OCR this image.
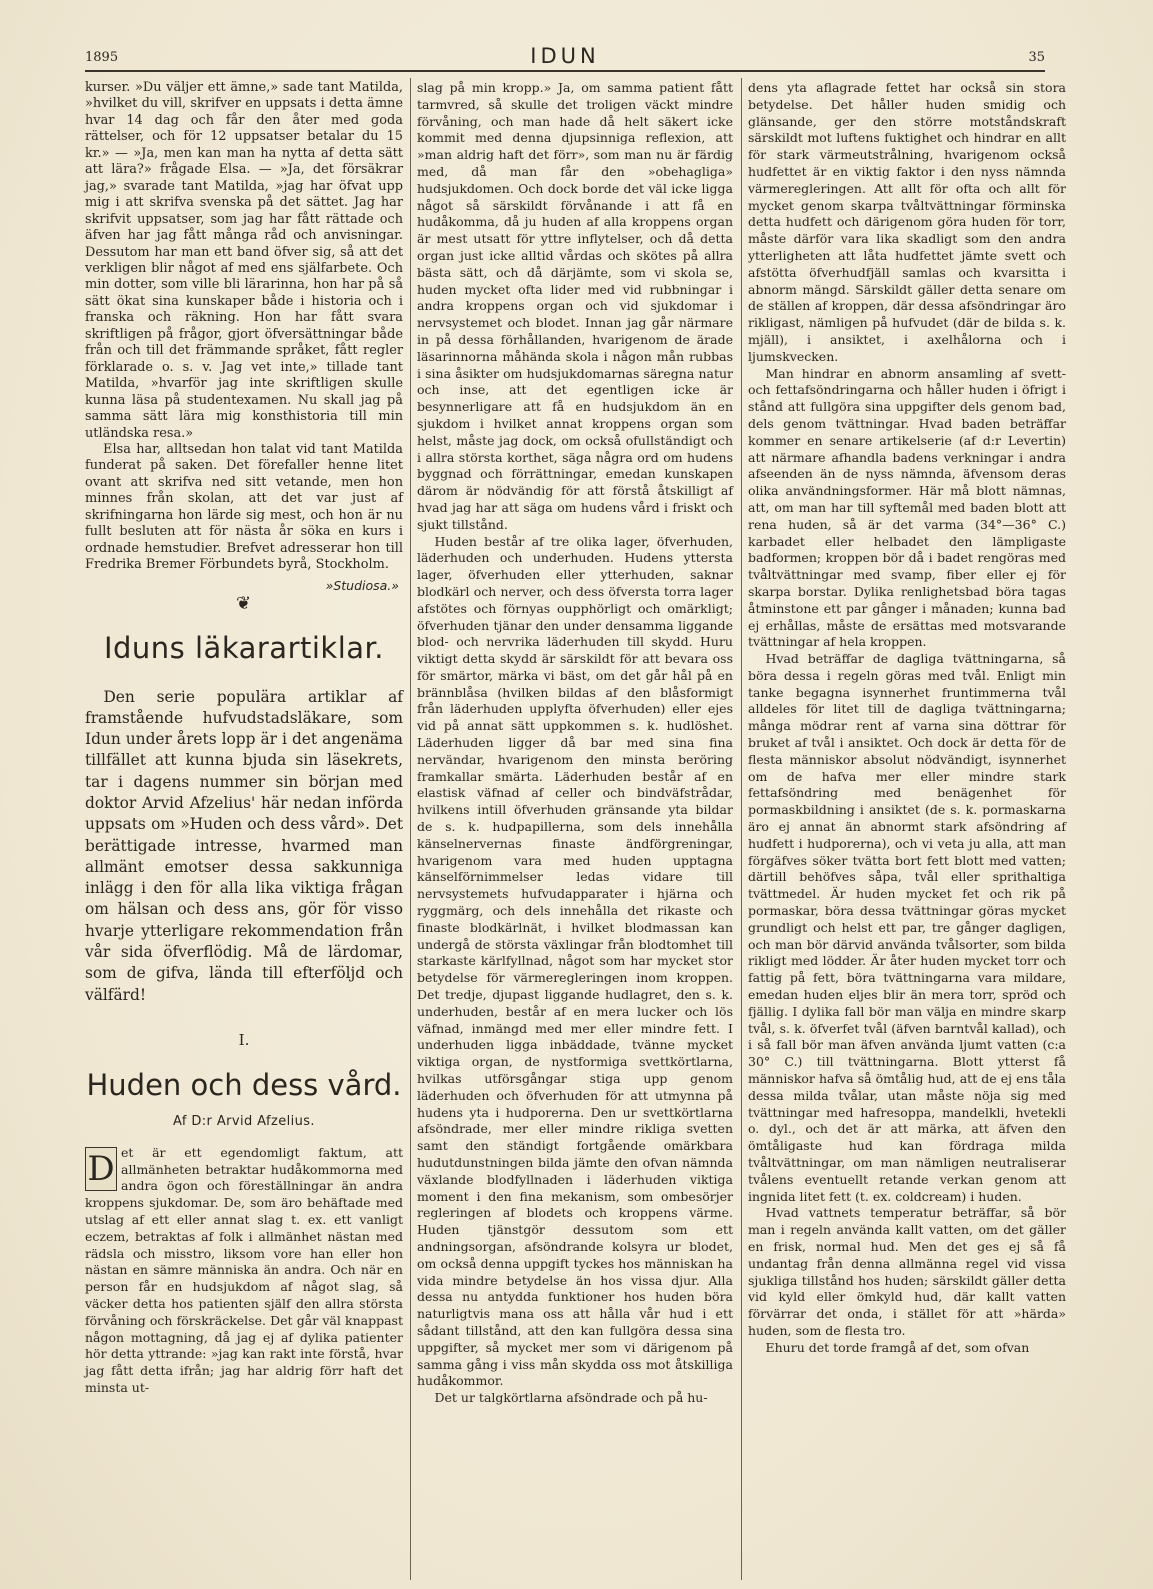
1895	IDUN	35

kurser. »Du väljer ett ämne,» sade tant Matilda, »hvilket du vill, skrifver en uppsats i detta ämne hvar 14 dag och får den åter med goda rättelser, och för 12 uppsatser betalar du 15 kr.» — »Ja, men kan man ha nytta af detta sätt att lära?» frågade Elsa. — »Ja, det försäkrar jag,» svarade tant Matilda, »jag har öfvat upp mig i att skrifva svenska på det sättet. Jag har skrifvit uppsatser, som jag har fått rättade och äfven har jag fått många råd och anvisningar. Dessutom har man ett band öfver sig, så att det verkligen blir något af med ens själfarbete. Och min dotter, som ville bli lärarinna, hon har på så sätt ökat sina kunskaper både i historia och i franska och räkning. Hon har fått svara skriftligen på frågor, gjort öfversättningar både från och till det främmande språket, fått regler förklarade o. s. v. Jag vet inte,» tillade tant Matilda, »hvarför jag inte skriftligen skulle kunna läsa på studentexamen. Nu skall jag på samma sätt lära mig konsthistoria till min utländska resa.»

Elsa har, alltsedan hon talat vid tant Matilda funderat på saken. Det förefaller henne litet ovant att skrifva ned sitt vetande, men hon minnes från skolan, att det var just af skrifningarna hon lärde sig mest, och hon är nu fullt besluten att för nästa år söka en kurs i ordnade hemstudier. Brefvet adresserar hon till Fredrika Bremer Förbundets byrå, Stockholm.

»Studiosa.»
❦
Iduns läkarartiklar.

Den serie populära artiklar af framstående hufvudstadsläkare, som Idun under årets lopp är i det angenäma tillfället att kunna bjuda sin läsekrets, tar i dagens nummer sin början med doktor Arvid Afzelius' här nedan införda uppsats om »Huden och dess vård». Det berättigade intresse, hvarmed man allmänt emotser dessa sakkunniga inlägg i den för alla lika viktiga frågan om hälsan och dess ans, gör för visso hvarje ytterligare rekommendation från vår sida öfverflödig. Må de lärdomar, som de gifva, lända till efterföljd och välfärd!

I.
Huden och dess vård.
Af D:r Arvid Afzelius.
D et är ett egendomligt faktum, att allmänheten betraktar hudåkommorna med andra ögon och föreställningar än andra kroppens sjukdomar. De, som äro behäftade med utslag af ett eller annat slag t. ex. ett vanligt eczem, betraktas af folk i allmänhet nästan med rädsla och misstro, liksom vore han eller hon nästan en sämre människa än andra. Och när en person får en hudsjukdom af något slag, så väcker detta hos patienten själf den allra största förvåning och förskräckelse. Det går väl knappast någon mottagning, då jag ej af dylika patienter hör detta yttrande: »jag kan rakt inte förstå, hvar jag fått detta ifrån; jag har aldrig förr haft det minsta ut-

slag på min kropp.» Ja, om samma patient fått tarmvred, så skulle det troligen väckt mindre förvåning, och man hade då helt säkert icke kommit med denna djupsinniga reflexion, att »man aldrig haft det förr», som man nu är färdig med, då man får den »obehagliga» hudsjukdomen. Och dock borde det väl icke ligga något så särskildt förvånande i att få en hudåkomma, då ju huden af alla kroppens organ är mest utsatt för yttre inflytelser, och då detta organ just icke alltid vårdas och skötes på allra bästa sätt, och då därjämte, som vi skola se, huden mycket ofta lider med vid rubbningar i andra kroppens organ och vid sjukdomar i nervsystemet och blodet. Innan jag går närmare in på dessa förhållanden, hvarigenom de ärade läsarinnorna måhända skola i någon mån rubbas i sina åsikter om hudsjukdomarnas säregna natur och inse, att det egentligen icke är besynnerligare att få en hudsjukdom än en sjukdom i hvilket annat kroppens organ som helst, måste jag dock, om också ofullständigt och i allra största korthet, säga några ord om hudens byggnad och förrättningar, emedan kunskapen därom är nödvändig för att förstå åtskilligt af hvad jag har att säga om hudens vård i friskt och sjukt tillstånd.

Huden består af tre olika lager, öfverhuden, läderhuden och underhuden. Hudens yttersta lager, öfverhuden eller ytterhuden, saknar blodkärl och nerver, och dess öfversta torra lager afstötes och förnyas oupphörligt och omärkligt; öfverhuden tjänar den under densamma liggande blod- och nervrika läderhuden till skydd. Huru viktigt detta skydd är särskildt för att bevara oss för smärtor, märka vi bäst, om det går hål på en brännblåsa (hvilken bildas af den blåsformigt från läderhuden upplyfta öfverhuden) eller ejes vid på annat sätt uppkommen s. k. hudlöshet. Läderhuden ligger då bar med sina fina nervändar, hvarigenom den minsta beröring framkallar smärta. Läderhuden består af en elastisk väfnad af celler och bindväfstrådar, hvilkens intill öfverhuden gränsande yta bildar de s. k. hudpapillerna, som dels innehålla känselnervernas finaste ändförgreningar, hvarigenom vara med huden upptagna känselförnimmelser ledas vidare till nervsystemets hufvudapparater i hjärna och ryggmärg, och dels innehålla det rikaste och finaste blodkärlnät, i hvilket blodmassan kan undergå de största växlingar från blodtomhet till starkaste kärlfyllnad, något som har mycket stor betydelse för värmeregleringen inom kroppen. Det tredje, djupast liggande hudlagret, den s. k. underhuden, består af en mera lucker och lös väfnad, inmängd med mer eller mindre fett. I underhuden ligga inbäddade, tvänne mycket viktiga organ, de nystformiga svettkörtlarna, hvilkas utförsgångar stiga upp genom läderhuden och öfverhuden för att utmynna på hudens yta i hudporerna. Den ur svettkörtlarna afsöndrade, mer eller mindre rikliga svetten samt den ständigt fortgående omärkbara hudutdunstningen bilda jämte den ofvan nämnda växlande blodfyllnaden i läderhuden viktiga moment i den fina mekanism, som ombesörjer regleringen af blodets och kroppens värme. Huden tjänstgör dessutom som ett andningsorgan, afsöndrande kolsyra ur blodet, om också denna uppgift tyckes hos människan ha vida mindre betydelse än hos vissa djur. Alla dessa nu antydda funktioner hos huden böra naturligtvis mana oss att hålla vår hud i ett sådant tillstånd, att den kan fullgöra dessa sina uppgifter, så mycket mer som vi därigenom på samma gång i viss mån skydda oss mot åtskilliga hudåkommor.

Det ur talgkörtlarna afsöndrade och på hu-

dens yta aflagrade fettet har också sin stora betydelse. Det håller huden smidig och glänsande, ger den större motståndskraft särskildt mot luftens fuktighet och hindrar en allt för stark värmeutstrålning, hvarigenom också hudfettet är en viktig faktor i den nyss nämnda värmeregleringen. Att allt för ofta och allt för mycket genom skarpa tvåltvättningar förminska detta hudfett och därigenom göra huden för torr, måste därför vara lika skadligt som den andra ytterligheten att låta hudfettet jämte svett och afstötta öfverhudfjäll samlas och kvarsitta i abnorm mängd. Särskildt gäller detta senare om de ställen af kroppen, där dessa afsöndringar äro rikligast, nämligen på hufvudet (där de bilda s. k. mjäll), i ansiktet, i axelhålorna och i ljumskvecken.

Man hindrar en abnorm ansamling af svett- och fettafsöndringarna och håller huden i öfrigt i stånd att fullgöra sina uppgifter dels genom bad, dels genom tvättningar. Hvad baden beträffar kommer en senare artikelserie (af d:r Levertin) att närmare afhandla badens verkningar i andra afseenden än de nyss nämnda, äfvensom deras olika användningsformer. Här må blott nämnas, att, om man har till syftemål med baden blott att rena huden, så är det varma (34°—36° C.) karbadet eller helbadet den lämpligaste badformen; kroppen bör då i badet rengöras med tvåltvättningar med svamp, fiber eller ej för skarpa borstar. Dylika renlighetsbad böra tagas åtminstone ett par gånger i månaden; kunna bad ej erhållas, måste de ersättas med motsvarande tvättningar af hela kroppen.

Hvad beträffar de dagliga tvättningarna, så böra dessa i regeln göras med tvål. Enligt min tanke begagna isynnerhet fruntimmerna tvål alldeles för litet till de dagliga tvättningarna; många mödrar rent af varna sina döttrar för bruket af tvål i ansiktet. Och dock är detta för de flesta människor absolut nödvändigt, isynnerhet om de hafva mer eller mindre stark fettafsöndring med benägenhet för pormaskbildning i ansiktet (de s. k. pormaskarna äro ej annat än abnormt stark afsöndring af hudfett i hudporerna), och vi veta ju alla, att man förgäfves söker tvätta bort fett blott med vatten; därtill behöfves såpa, tvål eller sprithaltiga tvättmedel. Är huden mycket fet och rik på pormaskar, böra dessa tvättningar göras mycket grundligt och helst ett par, tre gånger dagligen, och man bör därvid använda tvålsorter, som bilda rikligt med lödder. Är åter huden mycket torr och fattig på fett, böra tvättningarna vara mildare, emedan huden eljes blir än mera torr, spröd och fjällig. I dylika fall bör man välja en mindre skarp tvål, s. k. öfverfet tvål (äfven barntvål kallad), och i så fall bör man äfven använda ljumt vatten (c:a 30° C.) till tvättningarna. Blott ytterst få människor hafva så ömtålig hud, att de ej ens tåla dessa milda tvålar, utan måste nöja sig med tvättningar med hafresoppa, mandelkli, hvetekli o. dyl., och det är att märka, att äfven den ömtåligaste hud kan fördraga milda tvåltvättningar, om man nämligen neutraliserar tvålens eventuellt retande verkan genom att ingnida litet fett (t. ex. coldcream) i huden.

Hvad vattnets temperatur beträffar, så bör man i regeln använda kallt vatten, om det gäller en frisk, normal hud. Men det ges ej så få undantag från denna allmänna regel vid vissa sjukliga tillstånd hos huden; särskildt gäller detta vid kyld eller ömkyld hud, där kallt vatten förvärrar det onda, i stället för att »härda» huden, som de flesta tro.

Ehuru det torde framgå af det, som ofvan
